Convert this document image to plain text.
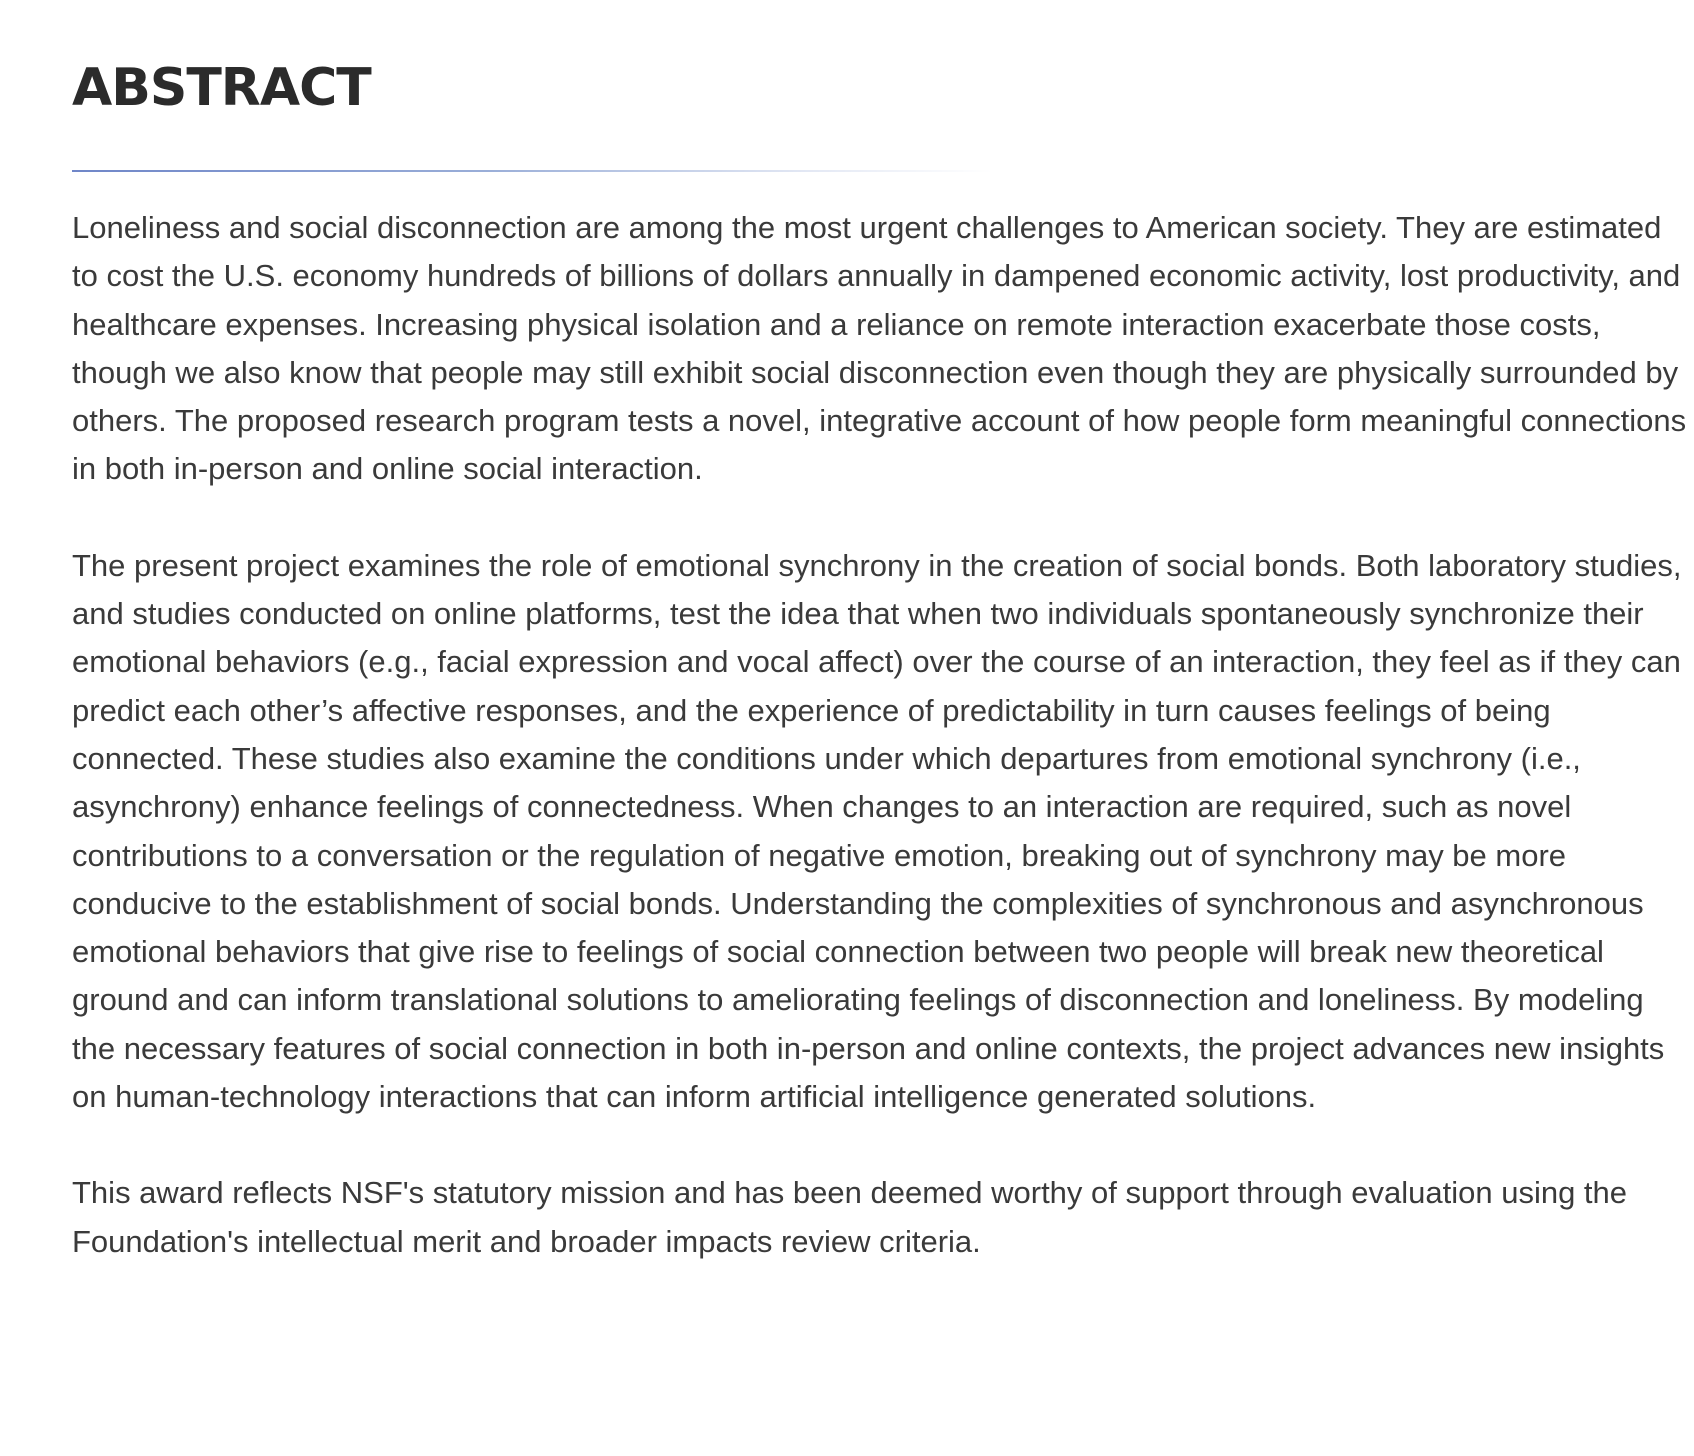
ABSTRACT

Loneliness and social disconnection are among the most urgent challenges to American society. They are estimated to cost the U.S. economy hundreds of billions of dollars annually in dampened economic activity, lost productivity, and healthcare expenses. Increasing physical isolation and a reliance on remote interaction exacerbate those costs, though we also know that people may still exhibit social disconnection even though they are physically surrounded by others. The proposed research program tests a novel, integrative account of how people form meaningful connections in both in-person and online social interaction.

The present project examines the role of emotional synchrony in the creation of social bonds. Both laboratory studies, and studies conducted on online platforms, test the idea that when two individuals spontaneously synchronize their emotional behaviors (e.g., facial expression and vocal affect) over the course of an interaction, they feel as if they can predict each other’s affective responses, and the experience of predictability in turn causes feelings of being connected. These studies also examine the conditions under which departures from emotional synchrony (i.e., asynchrony) enhance feelings of connectedness. When changes to an interaction are required, such as novel contributions to a conversation or the regulation of negative emotion, breaking out of synchrony may be more conducive to the establishment of social bonds. Understanding the complexities of synchronous and asynchronous emotional behaviors that give rise to feelings of social connection between two people will break new theoretical ground and can inform translational solutions to ameliorating feelings of disconnection and loneliness. By modeling the necessary features of social connection in both in-person and online contexts, the project advances new insights on human-technology interactions that can inform artificial intelligence generated solutions.

This award reflects NSF's statutory mission and has been deemed worthy of support through evaluation using the Foundation's intellectual merit and broader impacts review criteria.
